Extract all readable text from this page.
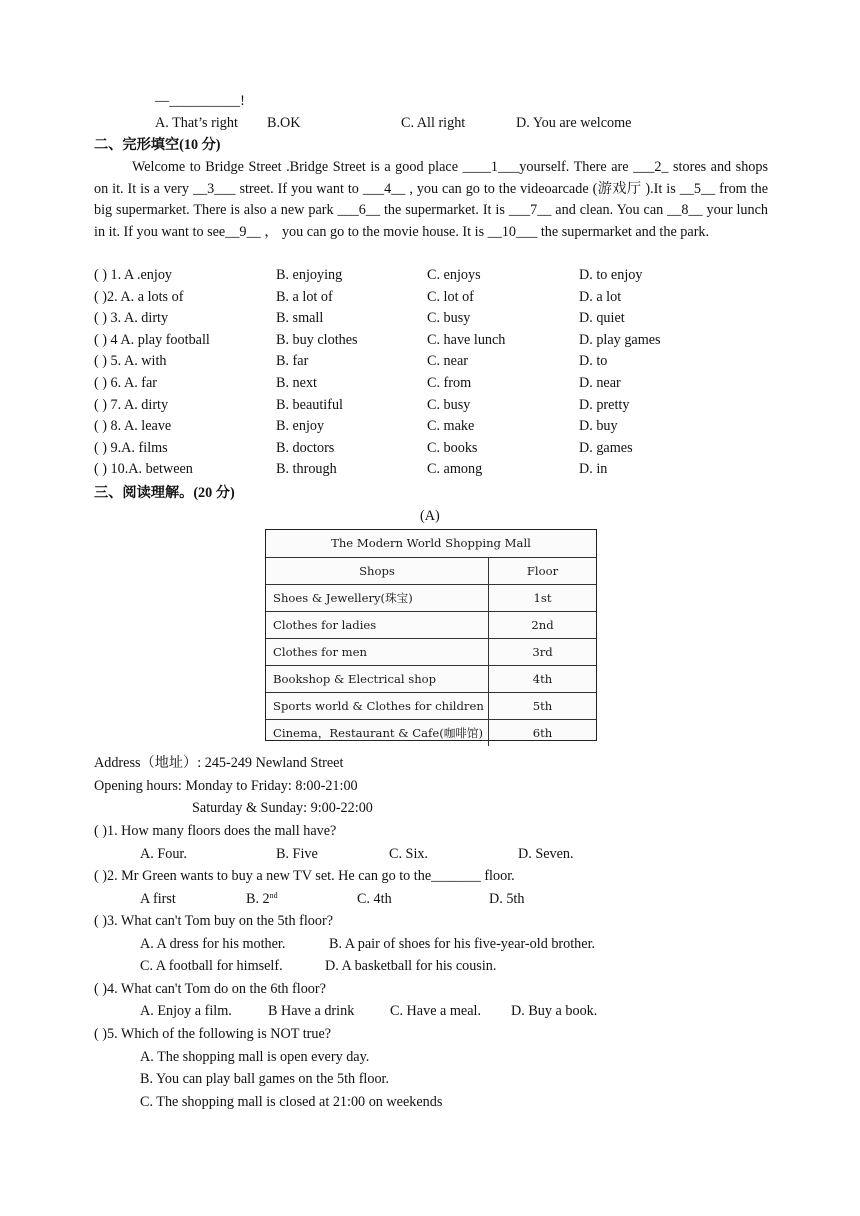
—__________!
A. That’s right B.OK	C. All right	D. You are welcome
二、完形填空(10 分)
Welcome to Bridge Street .Bridge Street is a good place ____1___yourself. There are ___2_ stores and shops on it. It is a very __3___ street. If you want to ___4__ , you can go to the videoarcade (游戏厅 ).It is __5__ from the big supermarket. There is also a new park ___6__ the supermarket. It is ___7__ and clean. You can __8__ your lunch in it. If you want to see__9__ ， you can go to the movie house. It is __10___ the supermarket and the park.
( ) 1. A .enjoy	B. enjoying	C. enjoys	D. to enjoy
( )2. A. a lots of	B. a lot of	C. lot of	D. a lot
( ) 3. A. dirty	B. small	C. busy	D. quiet
( ) 4 A. play football	B. buy clothes	C. have lunch	D. play games
( ) 5. A. with	B. far	C. near	D. to
( ) 6. A. far	B. next	C. from	D. near
( ) 7. A. dirty	B. beautiful	C. busy	D. pretty
( ) 8. A. leave	B. enjoy	C. make	D. buy
( ) 9.A. films	B. doctors	C. books	D. games
( ) 10.A. between	B. through	C. among	D. in
三、阅读理解。(20 分)
(A)
The Modern World Shopping Mall
Shops	Floor
Shoes & Jewellery(珠宝)	1st
Clothes for ladies	2nd
Clothes for men	3rd
Bookshop & Electrical shop	4th
Sports world & Clothes for children	5th
Cinema，Restaurant & Cafe(咖啡馆)	6th
Address（地址）: 245-249 Newland Street
Opening hours: Monday to Friday: 8:00-21:00
Saturday & Sunday: 9:00-22:00
( )1. How many floors does the mall have?
A. Four.	B. Five	C. Six.	D. Seven.
( )2. Mr Green wants to buy a new TV set. He can go to the_______ floor.
A first	B. 2nd	C. 4th	D. 5th
( )3. What can't Tom buy on the 5th floor?
A. A dress for his mother.	B. A pair of shoes for his five-year-old brother.
C. A football for himself.	D. A basketball for his cousin.
( )4. What can't Tom do on the 6th floor?
A. Enjoy a film.	B Have a drink	C. Have a meal. D. Buy a book.
( )5. Which of the following is NOT true?
A. The shopping mall is open every day.
B. You can play ball games on the 5th floor.
C. The shopping mall is closed at 21:00 on weekends
